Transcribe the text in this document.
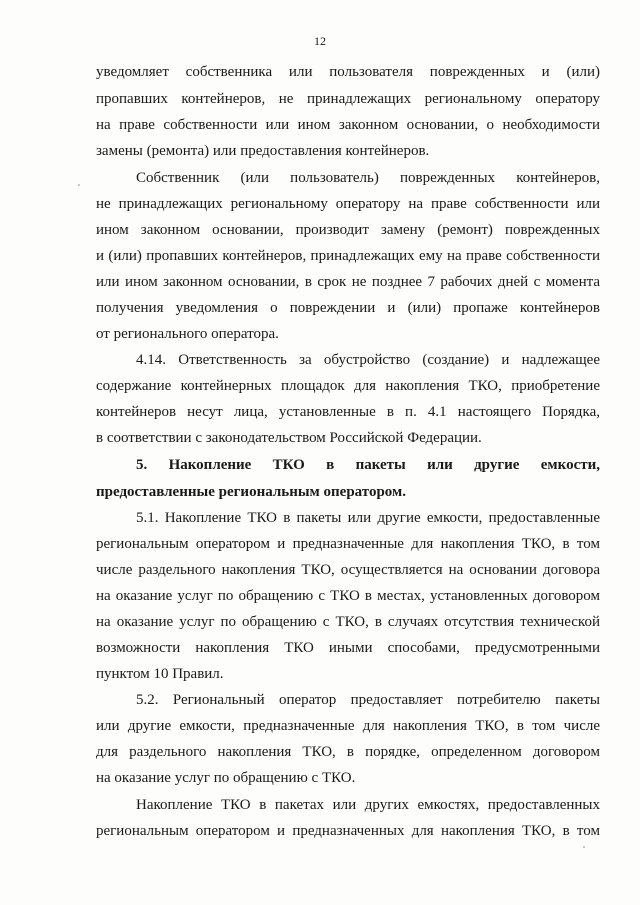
12
уведомляет собственника или пользователя поврежденных и (или)
пропавших контейнеров, не принадлежащих региональному оператору
на праве собственности или ином законном основании, о необходимости
замены (ремонта) или предоставления контейнеров.
Собственник (или пользователь) поврежденных контейнеров,
не принадлежащих региональному оператору на праве собственности или
ином законном основании, производит замену (ремонт) поврежденных
и (или) пропавших контейнеров, принадлежащих ему на праве собственности
или ином законном основании, в срок не позднее 7 рабочих дней с момента
получения уведомления о повреждении и (или) пропаже контейнеров
от регионального оператора.
4.14. Ответственность за обустройство (создание) и надлежащее
содержание контейнерных площадок для накопления ТКО, приобретение
контейнеров несут лица, установленные в п. 4.1 настоящего Порядка,
в соответствии с законодательством Российской Федерации.
5. Накопление ТКО в пакеты или другие емкости,
предоставленные региональным оператором.
5.1. Накопление ТКО в пакеты или другие емкости, предоставленные
региональным оператором и предназначенные для накопления ТКО, в том
числе раздельного накопления ТКО, осуществляется на основании договора
на оказание услуг по обращению с ТКО в местах, установленных договором
на оказание услуг по обращению с ТКО, в случаях отсутствия технической
возможности накопления ТКО иными способами, предусмотренными
пунктом 10 Правил.
5.2. Региональный оператор предоставляет потребителю пакеты
или другие емкости, предназначенные для накопления ТКО, в том числе
для раздельного накопления ТКО, в порядке, определенном договором
на оказание услуг по обращению с ТКО.
Накопление ТКО в пакетах или других емкостях, предоставленных
региональным оператором и предназначенных для накопления ТКО, в том
